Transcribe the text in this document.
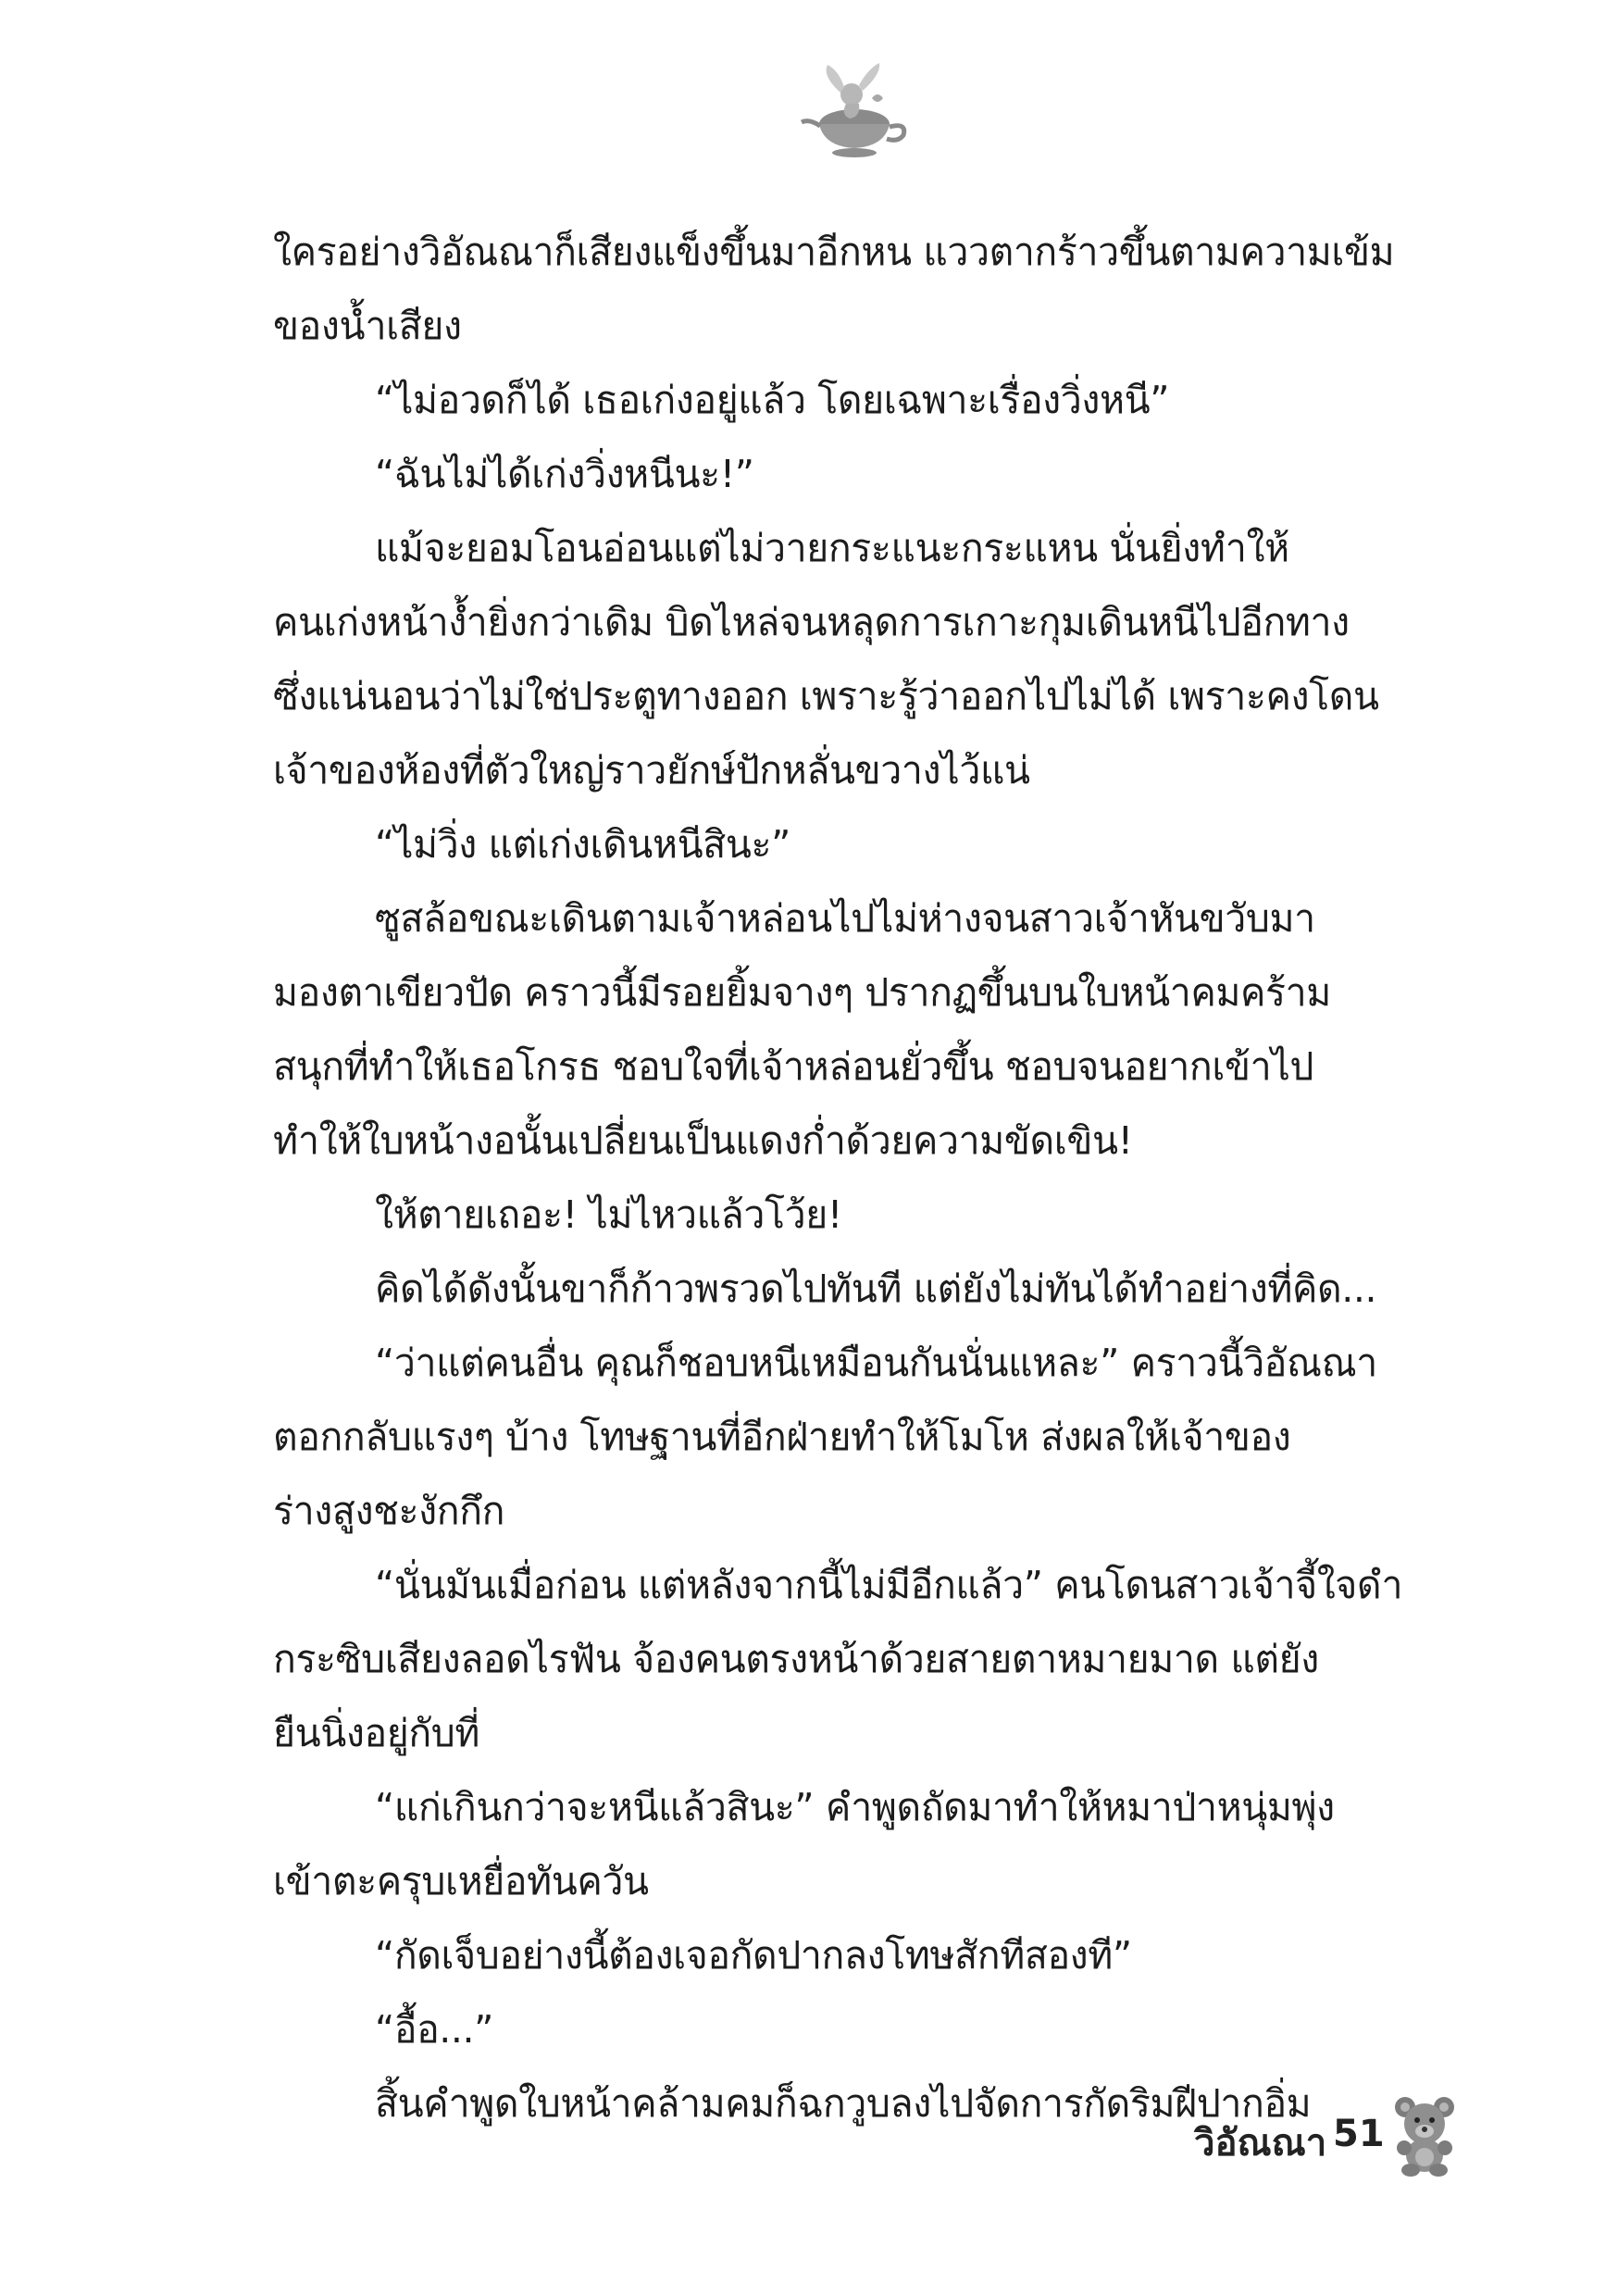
ใครอย่างวิอัณณาก็เสียงแข็งขึ้นมาอีกหน แววตากร้าวขึ้นตามความเข้ม
ของน้ำเสียง
“ไม่อวดก็ได้ เธอเก่งอยู่แล้ว โดยเฉพาะเรื่องวิ่งหนี”
“ฉันไม่ได้เก่งวิ่งหนีนะ!”
แม้จะยอมโอนอ่อนแต่ไม่วายกระแนะกระแหน นั่นยิ่งทำให้
คนเก่งหน้างํ้ายิ่งกว่าเดิม บิดไหล่จนหลุดการเกาะกุมเดินหนีไปอีกทาง
ซึ่งแน่นอนว่าไม่ใช่ประตูทางออก เพราะรู้ว่าออกไปไม่ได้ เพราะคงโดน
เจ้าของห้องที่ตัวใหญ่ราวยักษ์ปักหลั่นขวางไว้แน่
“ไม่วิ่ง แต่เก่งเดินหนีสินะ”
ซูสล้อขณะเดินตามเจ้าหล่อนไปไม่ห่างจนสาวเจ้าหันขวับมา
มองตาเขียวปัด คราวนี้มีรอยยิ้มจางๆ ปรากฏขึ้นบนใบหน้าคมคร้าม
สนุกที่ทำให้เธอโกรธ ชอบใจที่เจ้าหล่อนยั่วขึ้น ชอบจนอยากเข้าไป
ทำให้ใบหน้างอนั้นเปลี่ยนเป็นแดงก่ำด้วยความขัดเขิน!
ให้ตายเถอะ! ไม่ไหวแล้วโว้ย!
คิดได้ดังนั้นขาก็ก้าวพรวดไปทันที แต่ยังไม่ทันได้ทำอย่างที่คิด...
“ว่าแต่คนอื่น คุณก็ชอบหนีเหมือนกันนั่นแหละ” คราวนี้วิอัณณา
ตอกกลับแรงๆ บ้าง โทษฐานที่อีกฝ่ายทำให้โมโห ส่งผลให้เจ้าของ
ร่างสูงชะงักกึก
“นั่นมันเมื่อก่อน แต่หลังจากนี้ไม่มีอีกแล้ว” คนโดนสาวเจ้าจี้ใจดำ
กระซิบเสียงลอดไรฟัน จ้องคนตรงหน้าด้วยสายตาหมายมาด แต่ยัง
ยืนนิ่งอยู่กับที่
“แก่เกินกว่าจะหนีแล้วสินะ” คำพูดถัดมาทำให้หมาป่าหนุ่มพุ่ง
เข้าตะครุบเหยื่อทันควัน
“กัดเจ็บอย่างนี้ต้องเจอกัดปากลงโทษสักทีสองที”
“อื้อ...”
สิ้นคำพูดใบหน้าคล้ามคมก็ฉกวูบลงไปจัดการกัดริมฝีปากอิ่ม
วิอัณณา 51
